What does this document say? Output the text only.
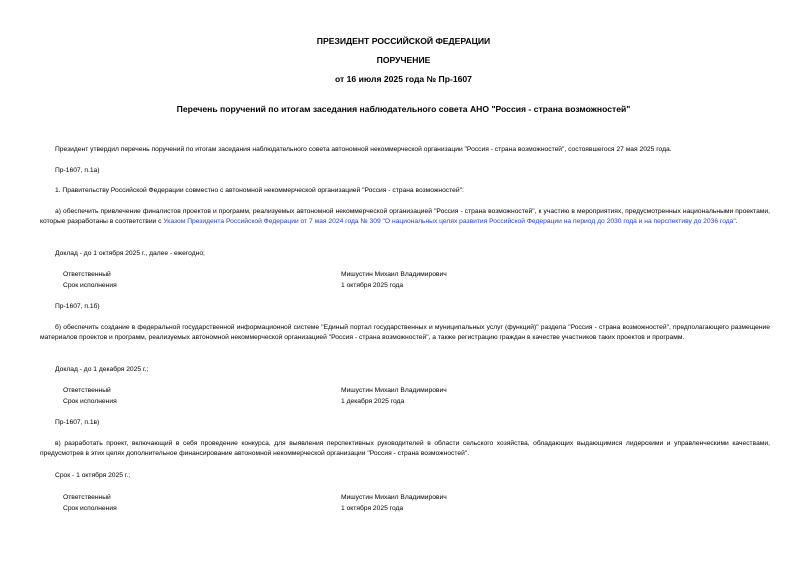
ПРЕЗИДЕНТ РОССИЙСКОЙ ФЕДЕРАЦИИ
ПОРУЧЕНИЕ
от 16 июля 2025 года № Пр-1607
Перечень поручений по итогам заседания наблюдательного совета АНО "Россия - страна возможностей"
Президент утвердил перечень поручений по итогам заседания наблюдательного совета автономной некоммерческой организации "Россия - страна возможностей", состоявшегося 27 мая 2025 года.
Пр-1607, п.1а)
1. Правительству Российской Федерации совместно с автономной некоммерческой организацией "Россия - страна возможностей":
а) обеспечить привлечение финалистов проектов и программ, реализуемых автономной некоммерческой организацией "Россия - страна возможностей", к участию в мероприятиях, предусмотренных национальными проектами, которые разработаны в соответствии с Указом Президента Российской Федерации от 7 мая 2024 года № 309 "О национальных целях развития Российской Федерации на период до 2030 года и на перспективу до 2036 года".
Доклад - до 1 октября 2025 г., далее - ежегодно;
Ответственный	Мишустин Михаил Владимирович
Срок исполнения	1 октября 2025 года
Пр-1607, п.1б)
б) обеспечить создание в федеральной государственной информационной системе "Единый портал государственных и муниципальных услуг (функций)" раздела "Россия - страна возможностей", предполагающего размещение материалов проектов и программ, реализуемых автономной некоммерческой организацией "Россия - страна возможностей", а также регистрацию граждан в качестве участников таких проектов и программ.
Доклад - до 1 декабря 2025 г.;
Ответственный	Мишустин Михаил Владимирович
Срок исполнения	1 декабря 2025 года
Пр-1607, п.1в)
в) разработать проект, включающий в себя проведение конкурса, для выявления перспективных руководителей в области сельского хозяйства, обладающих выдающимися лидерскими и управленческими качествами, предусмотрев в этих целях дополнительное финансирование автономной некоммерческой организации "Россия - страна возможностей".
Срок - 1 октября 2025 г.;
Ответственный	Мишустин Михаил Владимирович
Срок исполнения	1 октября 2025 года
